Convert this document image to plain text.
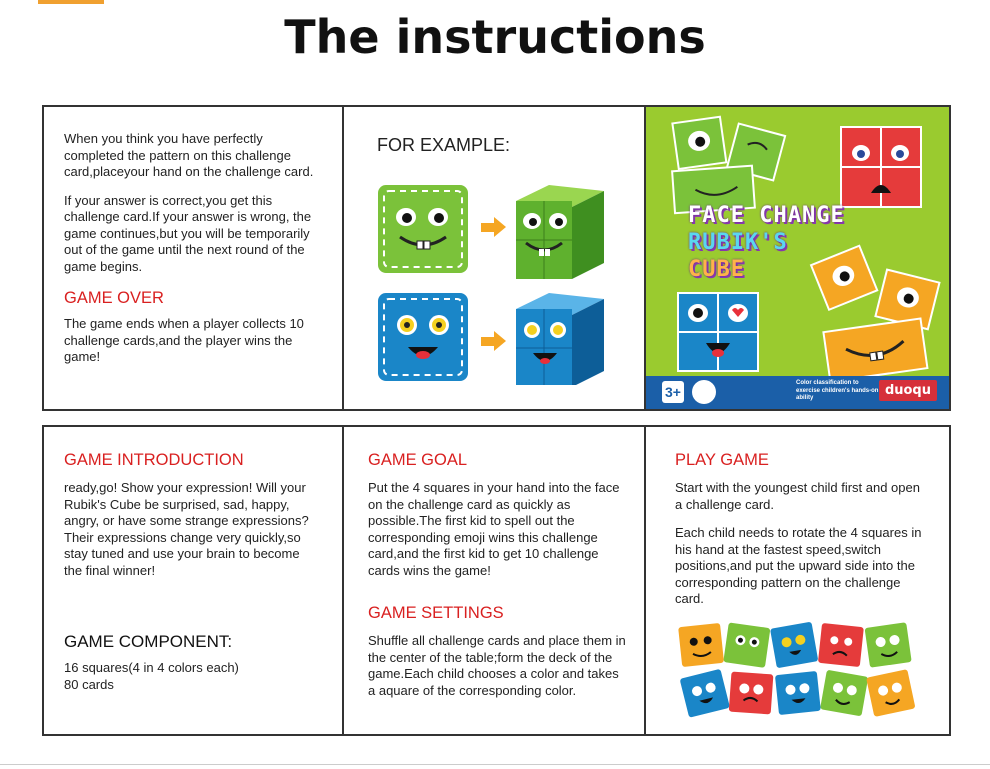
The instructions

When you think you have perfectly completed the pattern on this challenge card,placeyour hand on the challenge card.

If your answer is correct,you get this challenge card.If your answer is wrong, the game continues,but you will be temporarily out of the game until the next round of the game begins.

GAME OVER

The game ends when a player collects 10 challenge cards,and the player wins the game!

FOR EXAMPLE:
FACE CHANGE
RUBIK'S
CUBE
3+
Color classification to exercise children's hands-on ability	duoqu

GAME INTRODUCTION

ready,go! Show your expression! Will your Rubik's Cube be surprised, sad, happy, angry, or have some strange expressions? Their expressions change very quickly,so stay tuned and use your brain to become the final winner!

GAME COMPONENT:

16 squares(4 in 4 colors each)

80 cards

GAME GOAL

Put the 4 squares in your hand into the face on the challenge card as quickly as possible.The first kid to spell out the corresponding emoji wins this challenge card,and the first kid to get 10 challenge cards wins the game!

GAME SETTINGS

Shuffle all challenge cards and place them in the center of the table;form the deck of the game.Each child chooses a color and takes a aquare of the corresponding color.

PLAY GAME

Start with the youngest child first and open a challenge card.

Each child needs to rotate the 4 squares in his hand at the fastest speed,switch positions,and put the upward side into the corresponding pattern on the challenge card.
